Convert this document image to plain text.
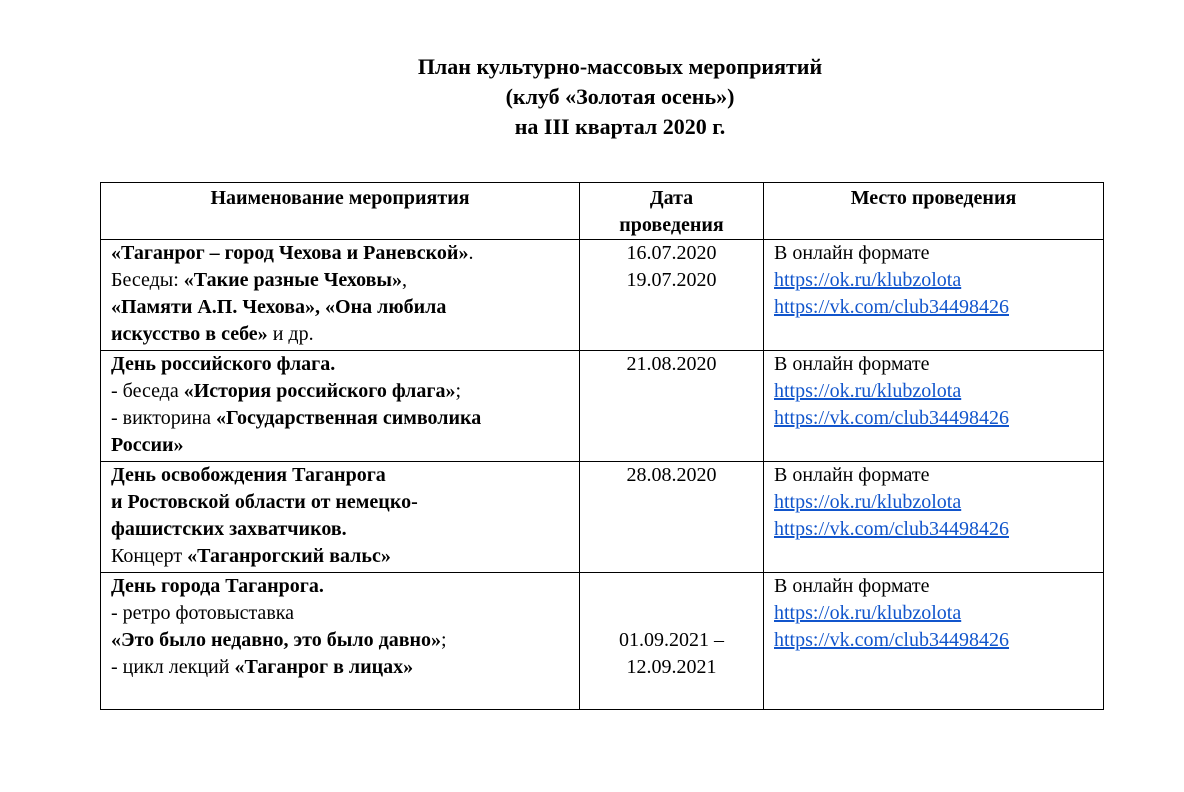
План культурно-массовых мероприятий
(клуб «Золотая осень»)
на III квартал 2020 г.
Наименование мероприятия	Дата
проведения	Место проведения

«Таганрог – город Чехова и Раневской».
Беседы: «Такие разные Чеховы»,
«Памяти А.П. Чехова», «Она любила
искусство в себе» и др.	16.07.2020
19.07.2020	В онлайн формате
https://ok.ru/klubzolota
https://vk.com/club34498426

День российского флага.
- беседа «История российского флага»;
- викторина «Государственная символика
России»	21.08.2020	В онлайн формате
https://ok.ru/klubzolota
https://vk.com/club34498426

День освобождения Таганрога
и Ростовской области от немецко-
фашистских захватчиков.
Концерт «Таганрогский вальс»	28.08.2020	В онлайн формате
https://ok.ru/klubzolota
https://vk.com/club34498426

День города Таганрога.
- ретро фотовыставка
«Это было недавно, это было давно»;
- цикл лекций «Таганрог в лицах»	01.09.2021 –
12.09.2021	В онлайн формате
https://ok.ru/klubzolota
https://vk.com/club34498426
